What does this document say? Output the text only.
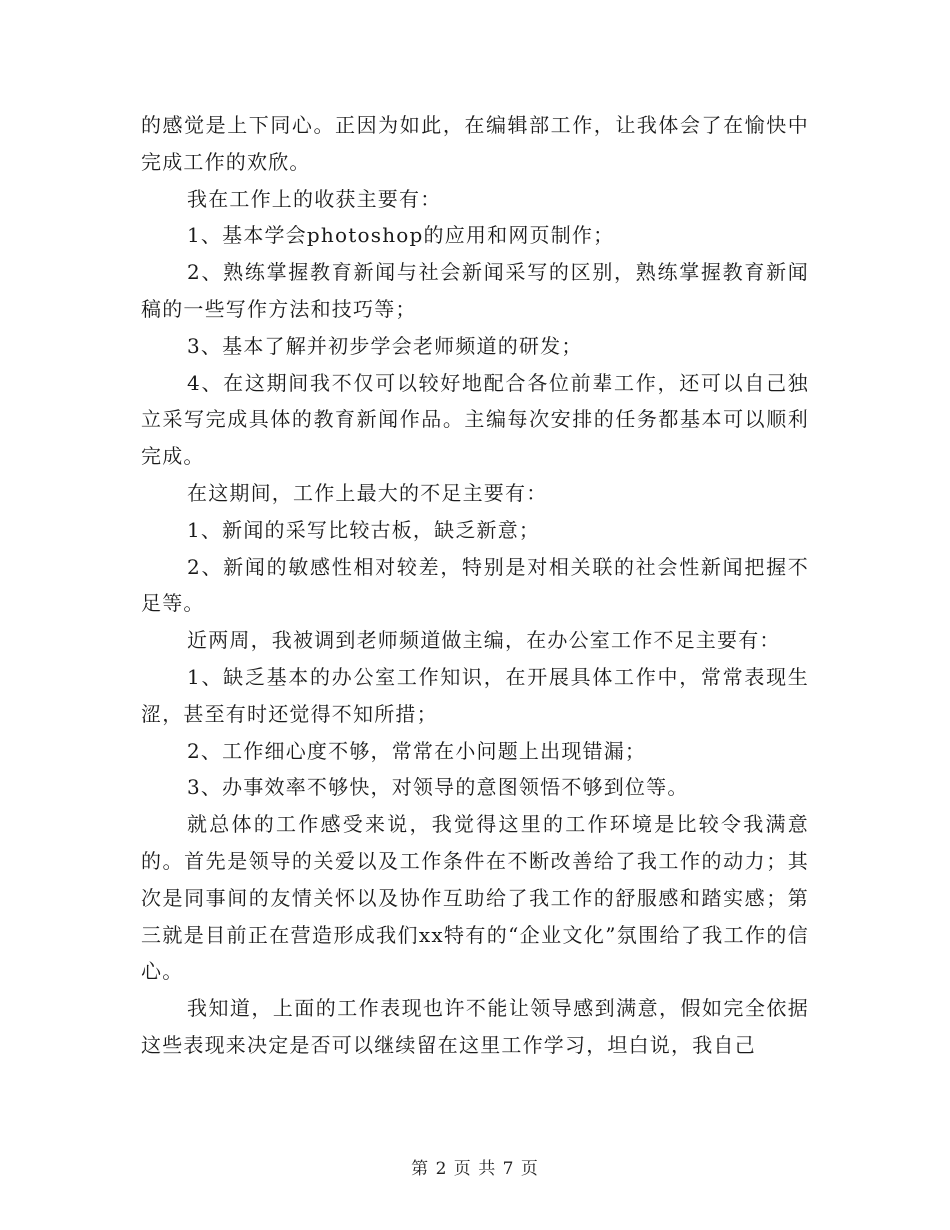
的感觉是上下同心。正因为如此，在编辑部工作，让我体会了在愉快中完成工作的欢欣。

我在工作上的收获主要有：

1、基本学会photoshop的应用和网页制作；

2、熟练掌握教育新闻与社会新闻采写的区别，熟练掌握教育新闻稿的一些写作方法和技巧等；

3、基本了解并初步学会老师频道的研发；

4、在这期间我不仅可以较好地配合各位前辈工作，还可以自己独立采写完成具体的教育新闻作品。主编每次安排的任务都基本可以顺利完成。

在这期间，工作上最大的不足主要有：

1、新闻的采写比较古板，缺乏新意；

2、新闻的敏感性相对较差，特别是对相关联的社会性新闻把握不足等。

近两周，我被调到老师频道做主编，在办公室工作不足主要有：

1、缺乏基本的办公室工作知识，在开展具体工作中，常常表现生涩，甚至有时还觉得不知所措；

2、工作细心度不够，常常在小问题上出现错漏；

3、办事效率不够快，对领导的意图领悟不够到位等。

就总体的工作感受来说，我觉得这里的工作环境是比较令我满意的。首先是领导的关爱以及工作条件在不断改善给了我工作的动力；其次是同事间的友情关怀以及协作互助给了我工作的舒服感和踏实感；第三就是目前正在营造形成我们xx特有的“企业文化”氛围给了我工作的信心。

我知道，上面的工作表现也许不能让领导感到满意，假如完全依据这些表现来决定是否可以继续留在这里工作学习，坦白说，我自己

第 2 页 共 7 页
